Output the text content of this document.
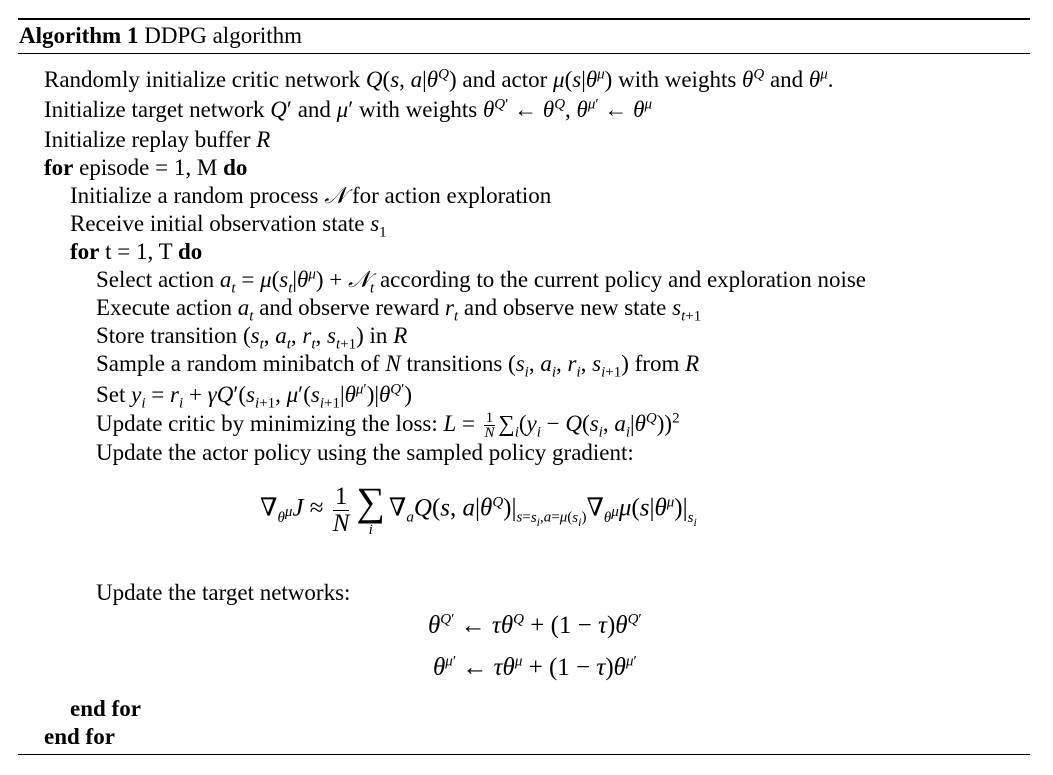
Algorithm 1 DDPG algorithm
Randomly initialize critic network Q(s, $a|\theta^Q$) and actor $\mu(s|\theta^\mu)$ with weights $\theta^Q$ and $\theta^\mu$.
Initialize target network Q′ and μ′ with weights $\theta^{Q'}$ ← $\theta^Q$, $\theta^{\mu'}$ ← $\theta^\mu$
Initialize replay buffer R
for episode = 1, M do
Initialize a random process 𝒩 for action exploration
Receive initial observation state $s_1$
for t = 1, T do
Select action $a_t = \mu(s_t|\theta^\mu)$ + 𝒩$_t$ according to the current policy and exploration noise
Execute action $a_t$ and observe reward $r_t$ and observe new state $s_{t+1}$
Store transition ($s_t$, $a_t$, $r_t$, $s_{t+1}$) in R
Sample a random minibatch of N transitions ($s_i$, $a_i$, $r_i$, $s_{i+1}$) from R
Set $y_i = r_i + \gamma Q'(s_{i+1}$, $\mu'(s_{i+1}|\theta^{\mu'})|\theta^{Q'}$)
Update critic by minimizing the loss: $L = \frac{1}{N} \sum_i(y_i - Q(s_i$, $a_i|\theta^Q))^2$
Update the actor policy using the sampled policy gradient:
$\nabla_{\theta^\mu}J \approx \frac{1}{N}$ ∑
i
$\nabla_aQ(s$, $a|\theta^Q)|_{s=s_i,a=\mu(s_i)}\nabla_{\theta^\mu}\mu(s|\theta^\mu)|_{s_i}$
Update the target networks:
$\theta^{Q'}$ ← $\tau\theta^Q + (1 - \tau)\theta^{Q'}$
$\theta^{\mu'}$ ← $\tau\theta^\mu + (1 - \tau)\theta^{\mu'}$
end for
end for
